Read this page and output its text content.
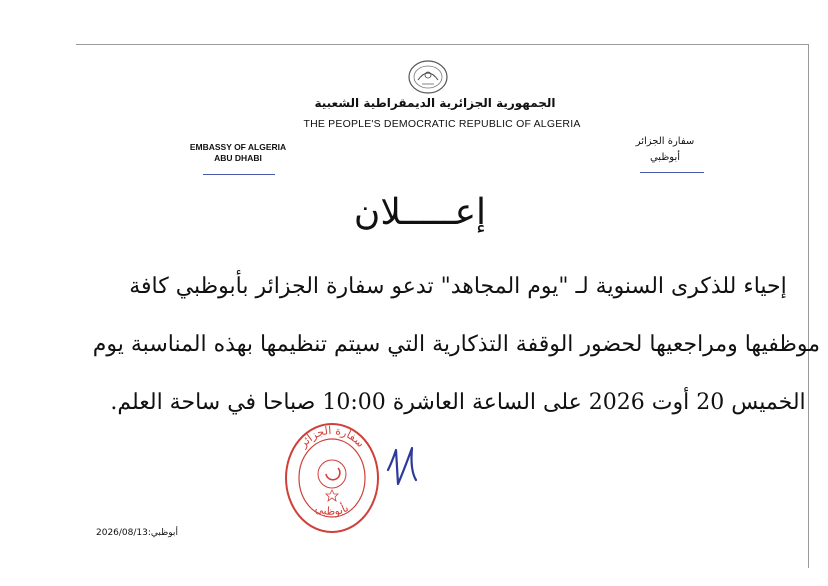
الجمهورية الجزائرية الديمقراطية الشعبية
THE PEOPLE'S DEMOCRATIC REPUBLIC OF ALGERIA
EMBASSY OF ALGERIA
ABU DHABI
سفارة الجزائر
أبوظبي
إعـــــلان
إحياء للذكرى السنوية لـ "يوم المجاهد" تدعو سفارة الجزائر بأبوظبي كافة
موظفيها ومراجعيها لحضور الوقفة التذكارية التي سيتم تنظيمها بهذه المناسبة يوم
الخميس 20 أوت 2026 على الساعة العاشرة 10:00 صباحا في ساحة العلم.
سفارة الجزائر
بأبوظبي
أبوظبي:2026/08/13
